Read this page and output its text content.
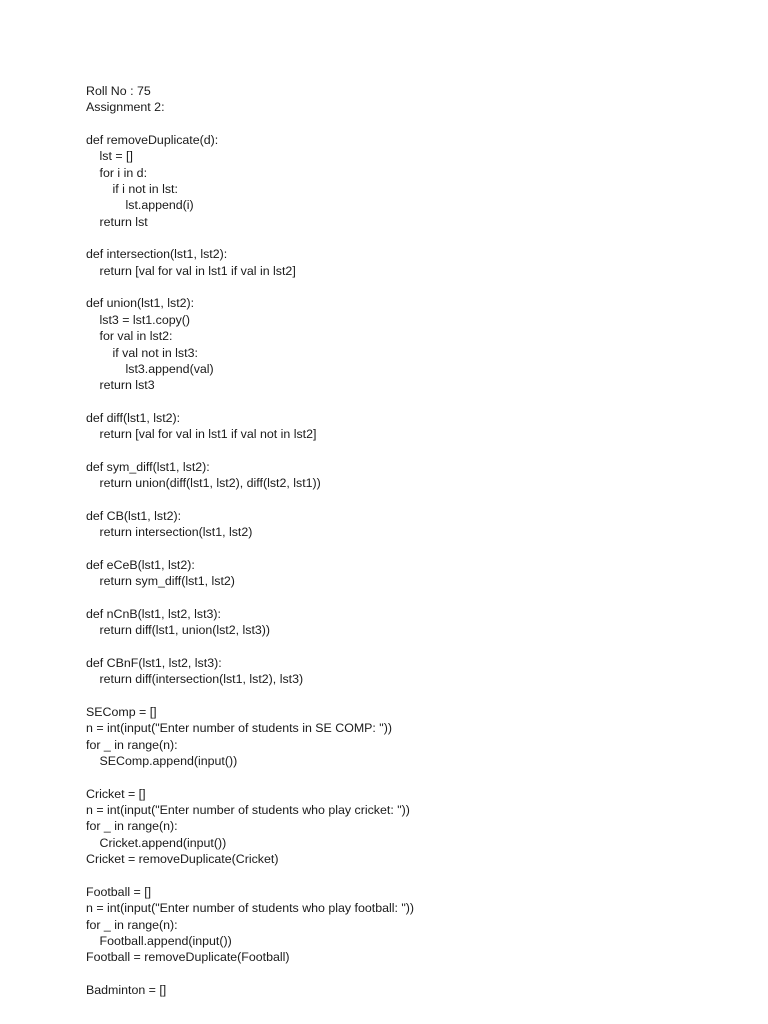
Roll No : 75
Assignment 2:
def removeDuplicate(d):
lst = []
for i in d:
if i not in lst:
lst.append(i)
return lst
def intersection(lst1, lst2):
return [val for val in lst1 if val in lst2]
def union(lst1, lst2):
lst3 = lst1.copy()
for val in lst2:
if val not in lst3:
lst3.append(val)
return lst3
def diff(lst1, lst2):
return [val for val in lst1 if val not in lst2]
def sym_diff(lst1, lst2):
return union(diff(lst1, lst2), diff(lst2, lst1))
def CB(lst1, lst2):
return intersection(lst1, lst2)
def eCeB(lst1, lst2):
return sym_diff(lst1, lst2)
def nCnB(lst1, lst2, lst3):
return diff(lst1, union(lst2, lst3))
def CBnF(lst1, lst2, lst3):
return diff(intersection(lst1, lst2), lst3)
SEComp = []
n = int(input("Enter number of students in SE COMP: "))
for _ in range(n):
SEComp.append(input())
Cricket = []
n = int(input("Enter number of students who play cricket: "))
for _ in range(n):
Cricket.append(input())
Cricket = removeDuplicate(Cricket)
Football = []
n = int(input("Enter number of students who play football: "))
for _ in range(n):
Football.append(input())
Football = removeDuplicate(Football)
Badminton = []
